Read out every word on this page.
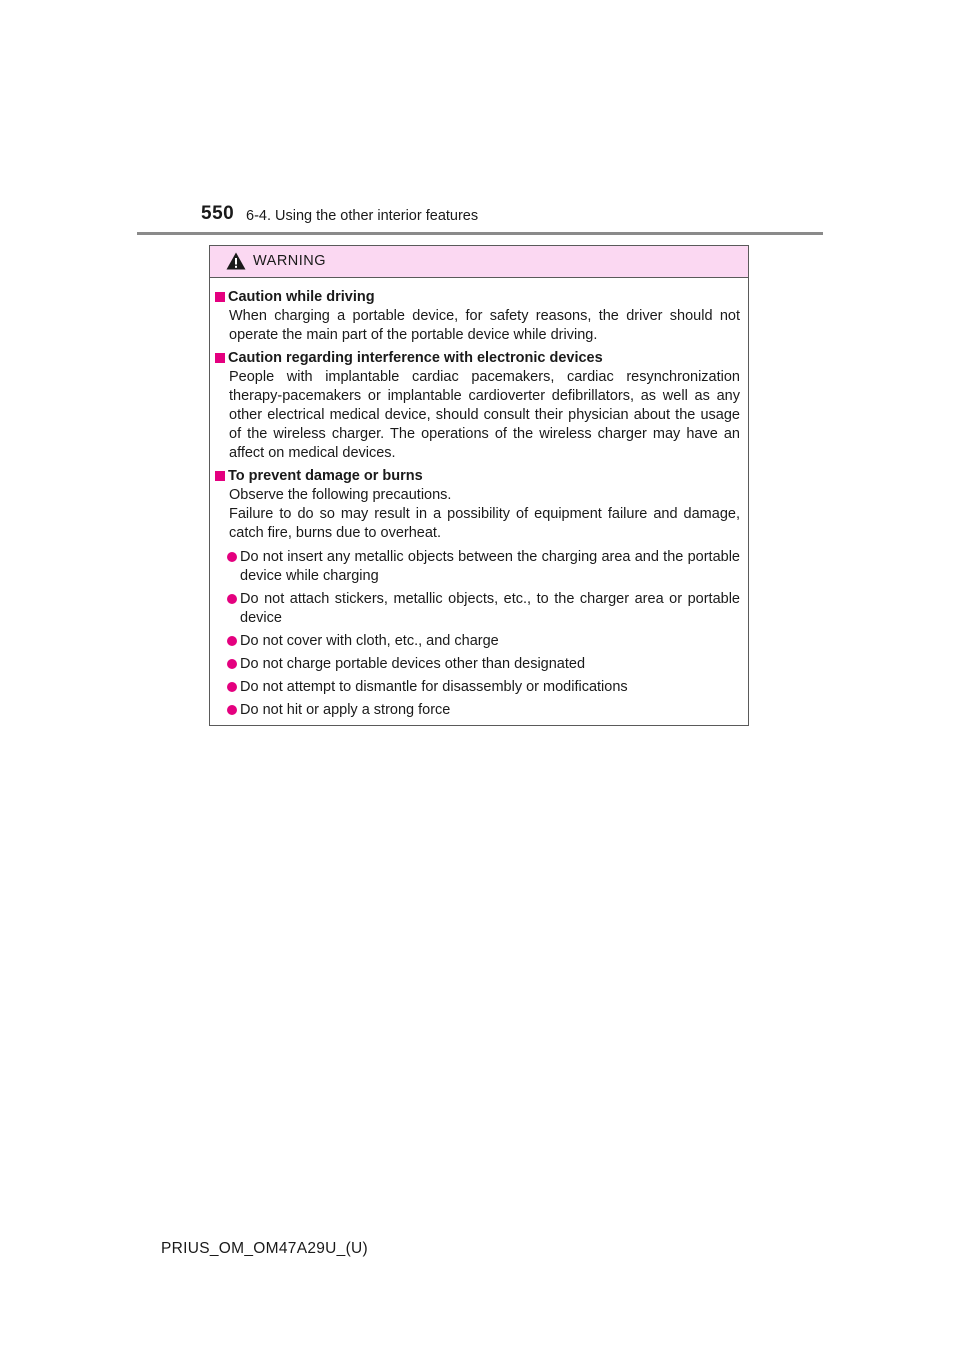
550 6-4. Using the other interior features
WARNING
Caution while driving
When charging a portable device, for safety reasons, the driver should not operate the main part of the portable device while driving.
Caution regarding interference with electronic devices
People with implantable cardiac pacemakers, cardiac resynchronization therapy-pacemakers or implantable cardioverter defibrillators, as well as any other electrical medical device, should consult their physician about the usage of the wireless charger. The operations of the wireless charger may have an affect on medical devices.
To prevent damage or burns
Observe the following precautions.
Failure to do so may result in a possibility of equipment failure and damage, catch fire, burns due to overheat.
Do not insert any metallic objects between the charging area and the portable device while charging
Do not attach stickers, metallic objects, etc., to the charger area or portable device
Do not cover with cloth, etc., and charge
Do not charge portable devices other than designated
Do not attempt to dismantle for disassembly or modifications
Do not hit or apply a strong force
PRIUS_OM_OM47A29U_(U)
